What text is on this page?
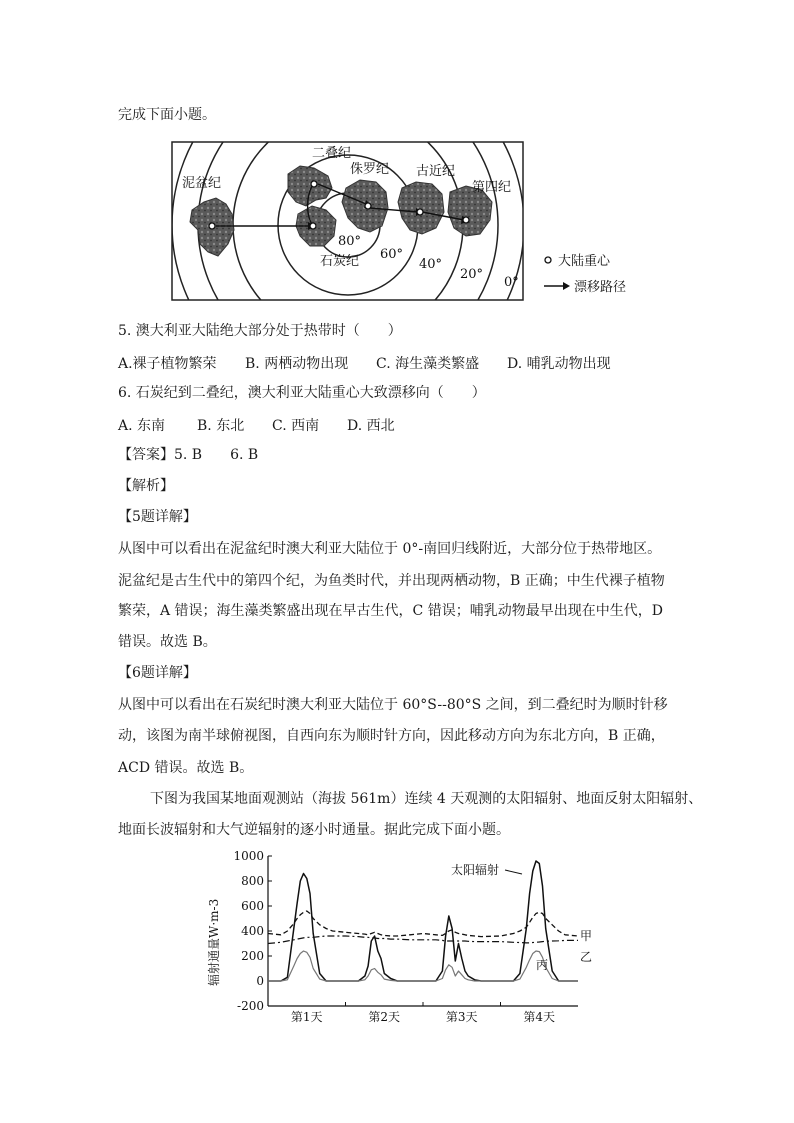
完成下面小题。
泥盆纪
二叠纪
侏罗纪 古近纪
第四纪
石炭纪
80°
60°
40°
20°
0°
大陆重心
漂移路径
5. 澳大利亚大陆绝大部分处于热带时（　　）
A.裸子植物繁荣 B. 两栖动物出现 C. 海生藻类繁盛 D. 哺乳动物出现
6. 石炭纪到二叠纪，澳大利亚大陆重心大致漂移向（　　）
A. 东南 B. 东北 C. 西南 D. 西北
【答案】5. B　　6. B
【解析】
【5题详解】
从图中可以看出在泥盆纪时澳大利亚大陆位于 0°-南回归线附近，大部分位于热带地区。
泥盆纪是古生代中的第四个纪，为鱼类时代，并出现两栖动物，B 正确；中生代裸子植物
繁荣，A 错误；海生藻类繁盛出现在早古生代，C 错误；哺乳动物最早出现在中生代，D
错误。故选 B。
【6题详解】
从图中可以看出在石炭纪时澳大利亚大陆位于 60°S--80°S 之间，到二叠纪时为顺时针移
动，该图为南半球俯视图，自西向东为顺时针方向，因此移动方向为东北方向，B 正确，
ACD 错误。故选 B。
下图为我国某地面观测站（海拔 561m）连续 4 天观测的太阳辐射、地面反射太阳辐射、
地面长波辐射和大气逆辐射的逐小时通量。据此完成下面小题。
辐射通量W·m-3
1000
800
600
400
200
0
-200
第1天	第2天	第3天	第4天
太阳辐射
甲
乙
丙
